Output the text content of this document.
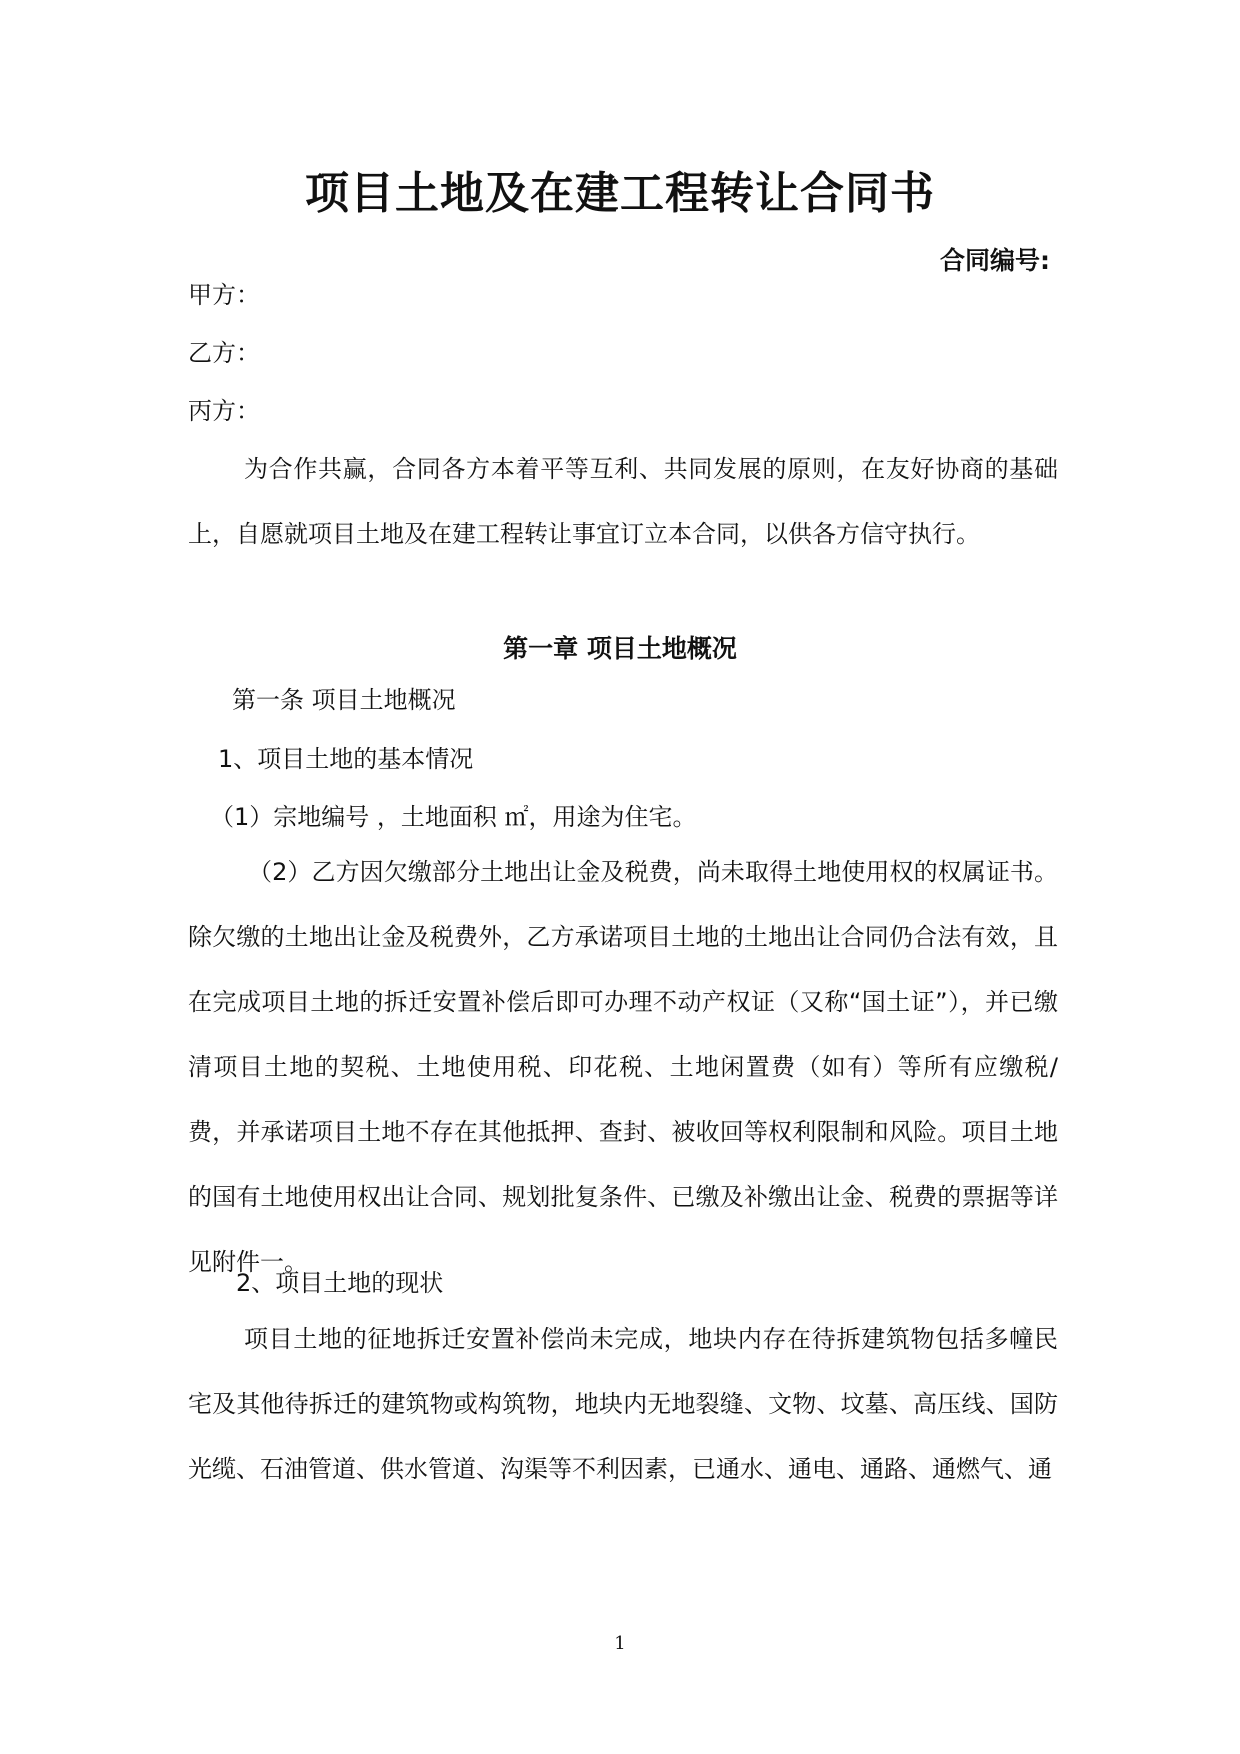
项目土地及在建工程转让合同书
合同编号:
甲方：
乙方：
丙方：
为合作共赢，合同各方本着平等互利、共同发展的原则，在友好协商的基础上，自愿就项目土地及在建工程转让事宜订立本合同，以供各方信守执行。
第一章 项目土地概况
第一条 项目土地概况
1、项目土地的基本情况
（1）宗地编号 ，土地面积 ㎡，用途为住宅。
（2）乙方因欠缴部分土地出让金及税费，尚未取得土地使用权的权属证书。除欠缴的土地出让金及税费外，乙方承诺项目土地的土地出让合同仍合法有效，且在完成项目土地的拆迁安置补偿后即可办理不动产权证（又称“国土证”），并已缴清项目土地的契税、土地使用税、印花税、土地闲置费（如有）等所有应缴税/费，并承诺项目土地不存在其他抵押、查封、被收回等权利限制和风险。项目土地的国有土地使用权出让合同、规划批复条件、已缴及补缴出让金、税费的票据等详见附件一。
2、项目土地的现状
项目土地的征地拆迁安置补偿尚未完成，地块内存在待拆建筑物包括多幢民宅及其他待拆迁的建筑物或构筑物，地块内无地裂缝、文物、坟墓、高压线、国防光缆、石油管道、供水管道、沟渠等不利因素，已通水、通电、通路、通燃气、通
1
